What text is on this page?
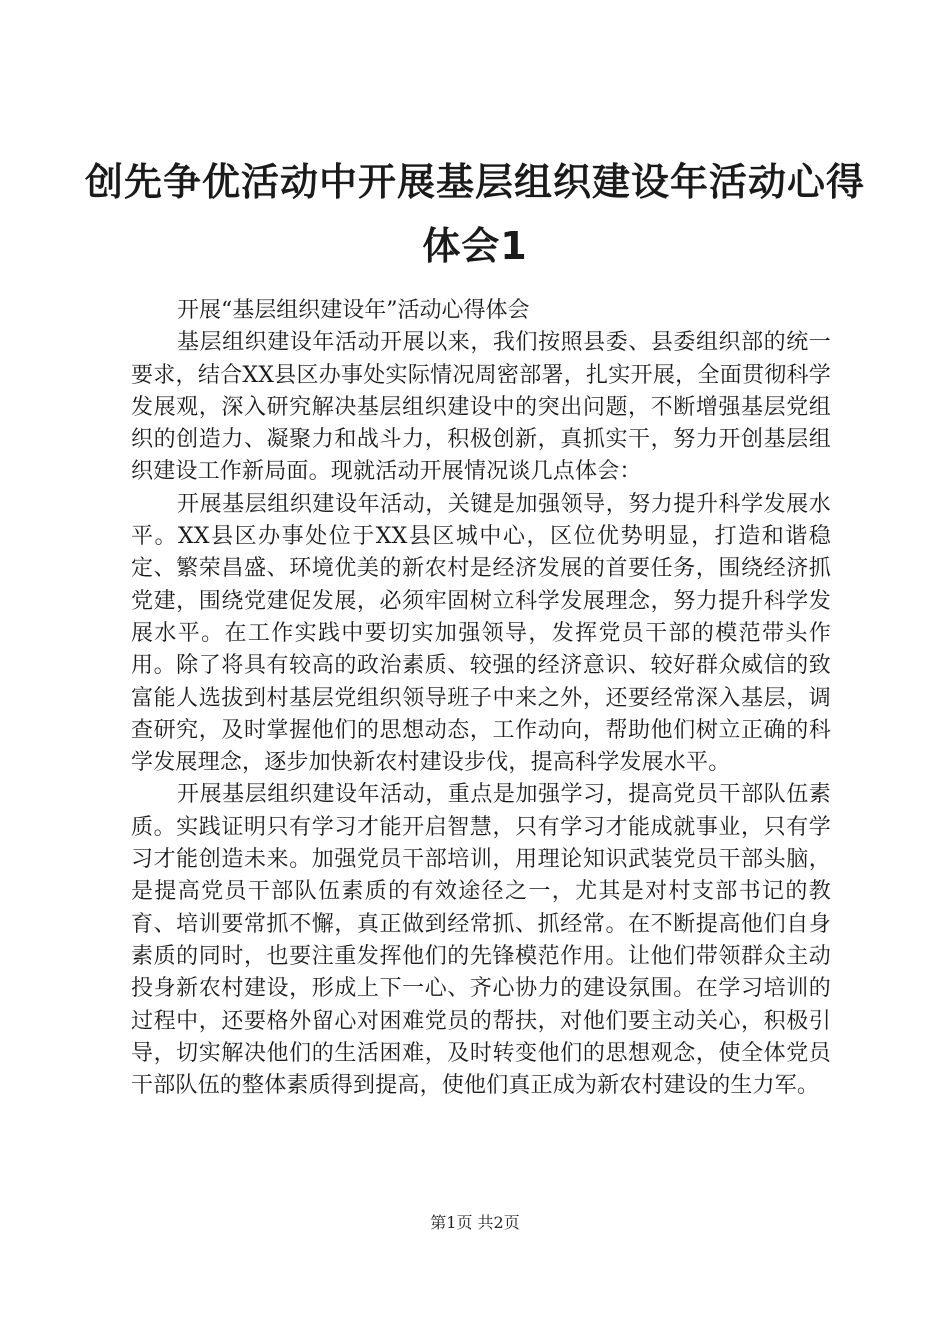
创先争优活动中开展基层组织建设年活动心得
体会1

开展“基层组织建设年”活动心得体会

基层组织建设年活动开展以来，我们按照县委、县委组织部的统一要求，结合XX县区办事处实际情况周密部署，扎实开展，全面贯彻科学发展观，深入研究解决基层组织建设中的突出问题，不断增强基层党组织的创造力、凝聚力和战斗力，积极创新，真抓实干，努力开创基层组织建设工作新局面。现就活动开展情况谈几点体会：

开展基层组织建设年活动，关键是加强领导，努力提升科学发展水平。XX县区办事处位于XX县区城中心，区位优势明显，打造和谐稳定、繁荣昌盛、环境优美的新农村是经济发展的首要任务，围绕经济抓党建，围绕党建促发展，必须牢固树立科学发展理念，努力提升科学发展水平。在工作实践中要切实加强领导，发挥党员干部的模范带头作用。除了将具有较高的政治素质、较强的经济意识、较好群众威信的致富能人选拔到村基层党组织领导班子中来之外，还要经常深入基层，调查研究，及时掌握他们的思想动态，工作动向，帮助他们树立正确的科学发展理念，逐步加快新农村建设步伐，提高科学发展水平。

开展基层组织建设年活动，重点是加强学习，提高党员干部队伍素质。实践证明只有学习才能开启智慧，只有学习才能成就事业，只有学习才能创造未来。加强党员干部培训，用理论知识武装党员干部头脑，是提高党员干部队伍素质的有效途径之一，尤其是对村支部书记的教育、培训要常抓不懈，真正做到经常抓、抓经常。在不断提高他们自身素质的同时，也要注重发挥他们的先锋模范作用。让他们带领群众主动投身新农村建设，形成上下一心、齐心协力的建设氛围。在学习培训的过程中，还要格外留心对困难党员的帮扶，对他们要主动关心，积极引导，切实解决他们的生活困难，及时转变他们的思想观念，使全体党员干部队伍的整体素质得到提高，使他们真正成为新农村建设的生力军。

第1页 共2页
